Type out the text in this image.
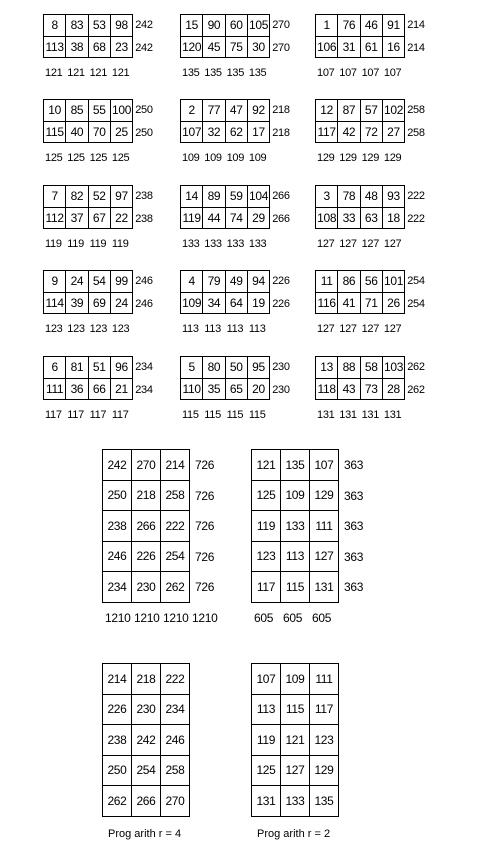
8	83 53 98 242
113 38 68 23 242
121 121 121 121
15 90 60 105 270
120 45 75 30 270
135 135 135 135
1	76 46 91 214
106 31 61 16 214
107 107 107 107
10 85 55 100 250
115 40 70 25 250
125 125 125 125
2	77 47 92 218
107 32 62 17 218
109 109 109 109
12 87 57 102 258
117 42 72 27 258
129 129 129 129
7	82 52 97 238
112 37 67 22 238
119 119 119 119
14 89 59 104 266
119 44 74 29 266
133 133 133 133
3	78 48 93 222
108 33 63 18 222
127 127 127 127
9	24 54 99 246
114 39 69 24 246
123 123 123 123
4	79 49 94 226
109 34 64 19 226
113 113 113 113
11 86 56 101 254
116 41 71 26 254
127 127 127 127
6	81 51 96 234
111 36 66 21 234
117 117 117 117
5	80 50 95 230
110 35 65 20 230
115 115 115 115
13 88 58 103 262
118 43 73 28 262
131 131 131 131
242 270 214 726
250 218 258 726
238 266 222 726
246 226 254 726
234 230 262 726
1210 1210 1210 1210
121 135 107 363
125 109 129 363
119 133 111 363
123 113 127 363
117 115 131 363
605 605 605
214 218 222
226 230 234
238 242 246
250 254 258
262 266 270
Prog arith r = 4
107 109 111
113 115 117
119 121 123
125 127 129
131 133 135
Prog arith r = 2
